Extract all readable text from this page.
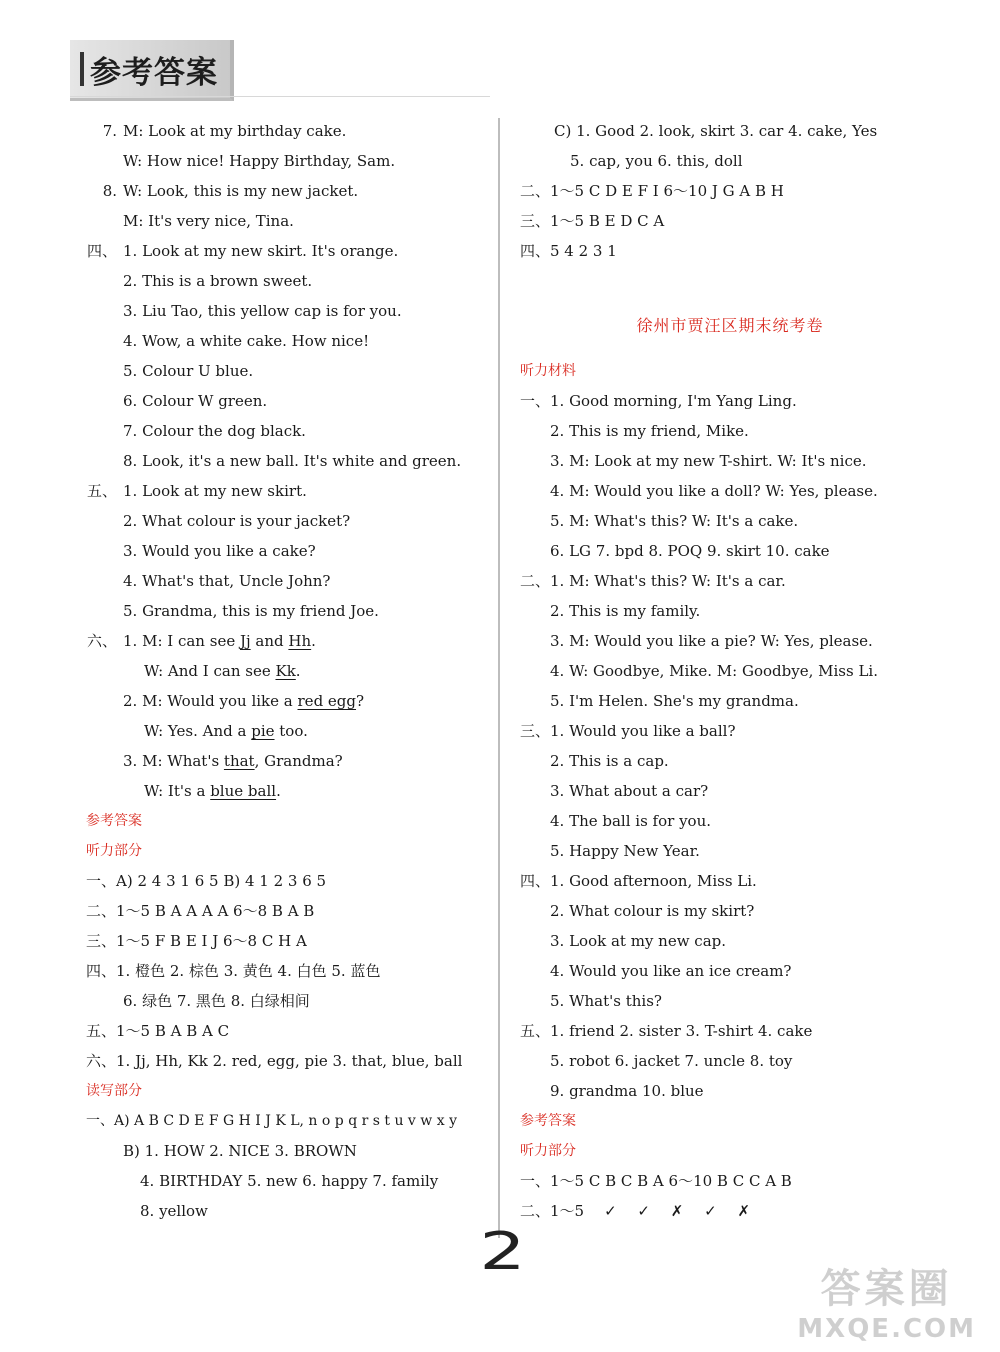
参考答案
7. M: Look at my birthday cake.
W: How nice! Happy Birthday, Sam.
8. W: Look, this is my new jacket.
M: It's very nice, Tina.
四、 1. Look at my new skirt. It's orange.
2. This is a brown sweet.
3. Liu Tao, this yellow cap is for you.
4. Wow, a white cake. How nice!
5. Colour U blue.
6. Colour W green.
7. Colour the dog black.
8. Look, it's a new ball. It's white and green.
五、 1. Look at my new skirt.
2. What colour is your jacket?
3. Would you like a cake?
4. What's that, Uncle John?
5. Grandma, this is my friend Joe.
六、 1. M: I can see Jj and Hh.
W: And I can see Kk.
2. M: Would you like a red egg?
W: Yes. And a pie too.
3. M: What's that, Grandma?
W: It's a blue ball.
参考答案
听力部分
一、A) 2 4 3 1 6 5 B) 4 1 2 3 6 5
二、1～5 B A A A A 6～8 B A B
三、1～5 F B E I J 6～8 C H A
四、1. 橙色 2. 棕色 3. 黄色 4. 白色 5. 蓝色
6. 绿色 7. 黑色 8. 白绿相间
五、1～5 B A B A C
六、1. Jj, Hh, Kk 2. red, egg, pie 3. that, blue, ball
读写部分
一、A) A B C D E F G H I J K L, n o p q r s t u v w x y
B) 1. HOW 2. NICE 3. BROWN
4. BIRTHDAY 5. new 6. happy 7. family
8. yellow
C) 1. Good 2. look, skirt 3. car 4. cake, Yes
5. cap, you 6. this, doll
二、1～5 C D E F I 6～10 J G A B H
三、1～5 B E D C A
四、5 4 2 3 1
徐州市贾汪区期末统考卷
听力材料
一、1. Good morning, I'm Yang Ling.
2. This is my friend, Mike.
3. M: Look at my new T-shirt. W: It's nice.
4. M: Would you like a doll? W: Yes, please.
5. M: What's this? W: It's a cake.
6. LG 7. bpd 8. POQ 9. skirt 10. cake
二、1. M: What's this? W: It's a car.
2. This is my family.
3. M: Would you like a pie? W: Yes, please.
4. W: Goodbye, Mike. M: Goodbye, Miss Li.
5. I'm Helen. She's my grandma.
三、1. Would you like a ball?
2. This is a cap.
3. What about a car?
4. The ball is for you.
5. Happy New Year.
四、1. Good afternoon, Miss Li.
2. What colour is my skirt?
3. Look at my new cap.
4. Would you like an ice cream?
5. What's this?
五、1. friend 2. sister 3. T-shirt 4. cake
5. robot 6. jacket 7. uncle 8. toy
9. grandma 10. blue
参考答案
听力部分
一、1～5 C B C B A 6～10 B C C A B
二、1～5 ✓ ✓ ✗ ✓ ✗
2
答案圈
MXQE.COM
